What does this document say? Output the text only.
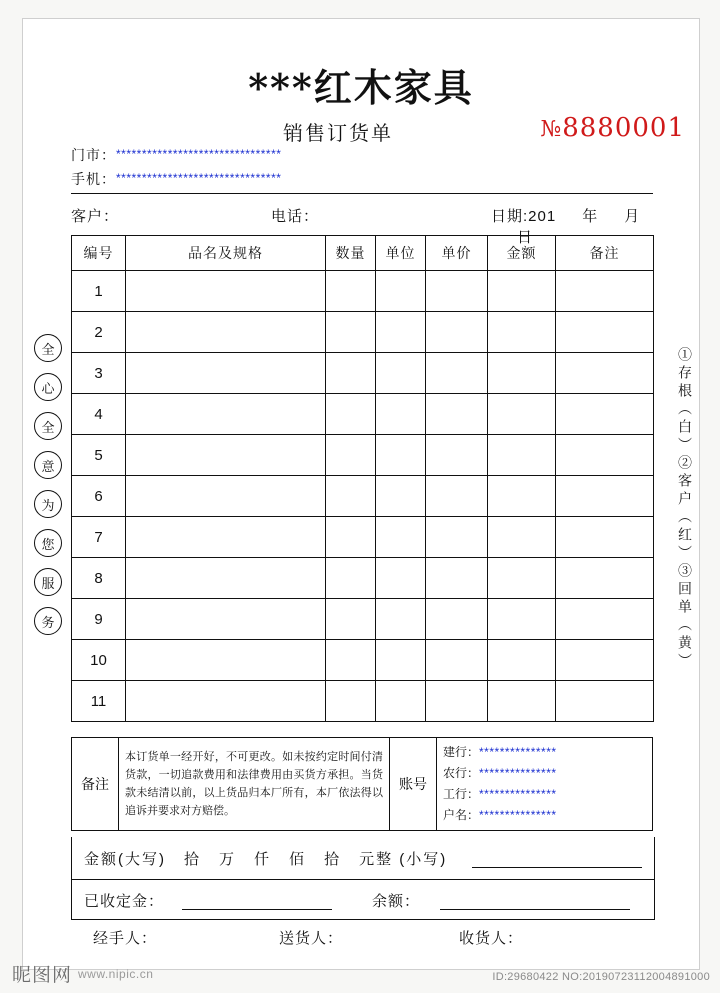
***红木家具
销售订货单	№8880001
门市： ********************************
手机： ********************************
客户：	电话：	日期:201 年 月日
编号	品名及规格	数量	单位	单价	金额	备注
1						
2						
3						
4						
5						
6						
7						
8						
9						
10						
11						
备注	本订货单一经开好，不可更改。如未按约定时间付清货款，一切追款费用和法律费用由买货方承担。当货款未结清以前，以上货品归本厂所有，本厂依法得以追诉并要求对方赔偿。	账号	
建行：***************
农行：***************
工行：***************
户名：***************
金额(大写) 拾 万 仟 佰 拾 元整 (小写)
已收定金：	余额：
经手人：	送货人：	收货人：
全
心
全
意
为
您
服
务	①存根（白）②客户（红）③回单（黄）
昵图网 www.nipic.cn	ID:29680422 NO:20190723112004891000
